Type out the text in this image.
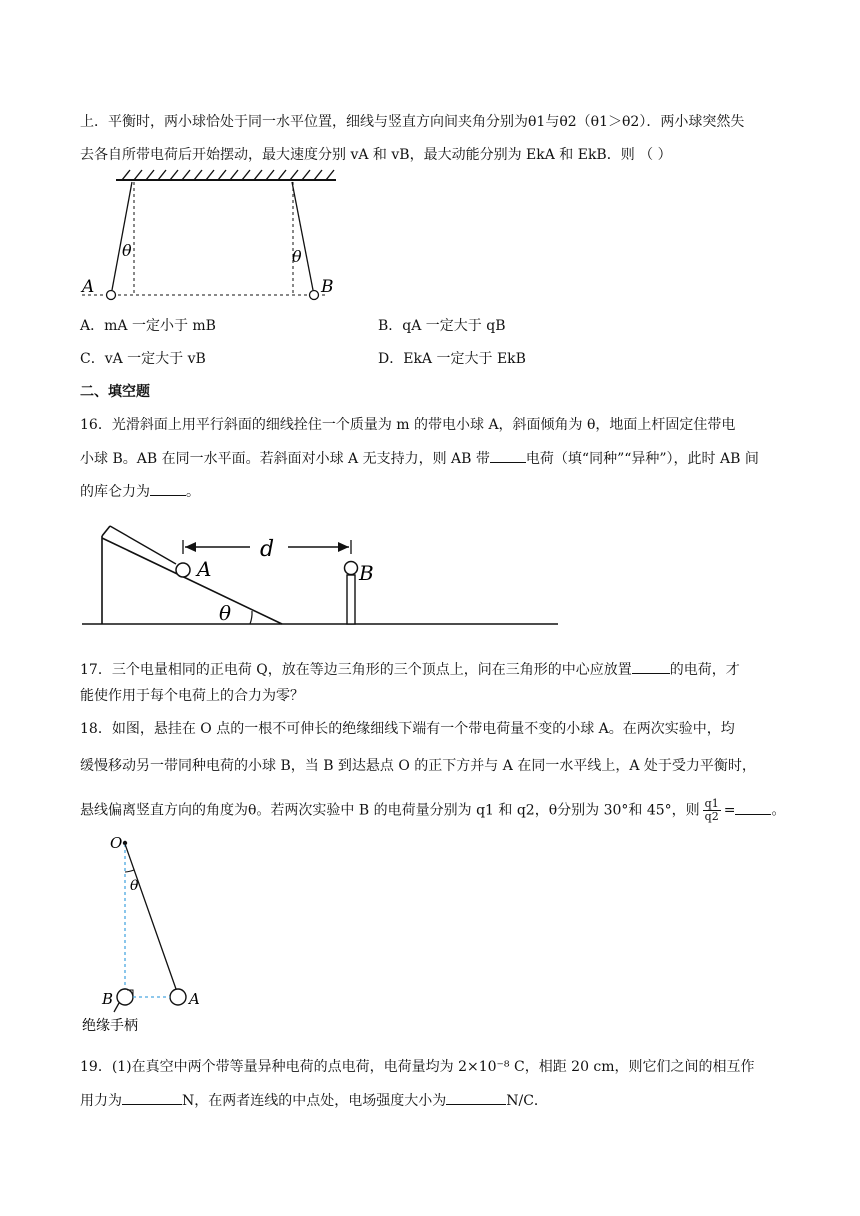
上．平衡时，两小球恰处于同一水平位置，细线与竖直方向间夹角分别为θ1与θ2（θ1＞θ2）．两小球突然失
去各自所带电荷后开始摆动，最大速度分别 vA 和 vB，最大动能分别为 EkA 和 EkB．则 （ ）
A	B
θ	θ
A．mA 一定小于 mB	B．qA 一定大于 qB
C．vA 一定大于 vB	D．EkA 一定大于 EkB
二、填空题
16．光滑斜面上用平行斜面的细线拴住一个质量为 m 的带电小球 A，斜面倾角为 θ，地面上杆固定住带电
小球 B。AB 在同一水平面。若斜面对小球 A 无支持力，则 AB 带	电荷（填“同种”“异种”），此时 AB 间
的库仑力为	。
A	B
d
θ
17．三个电量相同的正电荷 Q，放在等边三角形的三个顶点上，问在三角形的中心应放置	的电荷，才
能使作用于每个电荷上的合力为零？
18．如图，悬挂在 O 点的一根不可伸长的绝缘细线下端有一个带电荷量不变的小球 A。在两次实验中，均
缓慢移动另一带同种电荷的小球 B，当 B 到达悬点 O 的正下方并与 A 在同一水平线上，A 处于受力平衡时，
悬线偏离竖直方向的角度为θ。若两次实验中 B 的电荷量分别为 q1 和 q2，θ分别为 30°和 45°，则 $\frac{q1}{q2}$ =	。
O
θ
B	A
绝缘手柄
19．(1)在真空中两个带等量异种电荷的点电荷，电荷量均为 2×10⁻⁸ C，相距 20 cm，则它们之间的相互作
用力为	N，在两者连线的中点处，电场强度大小为	N/C．
